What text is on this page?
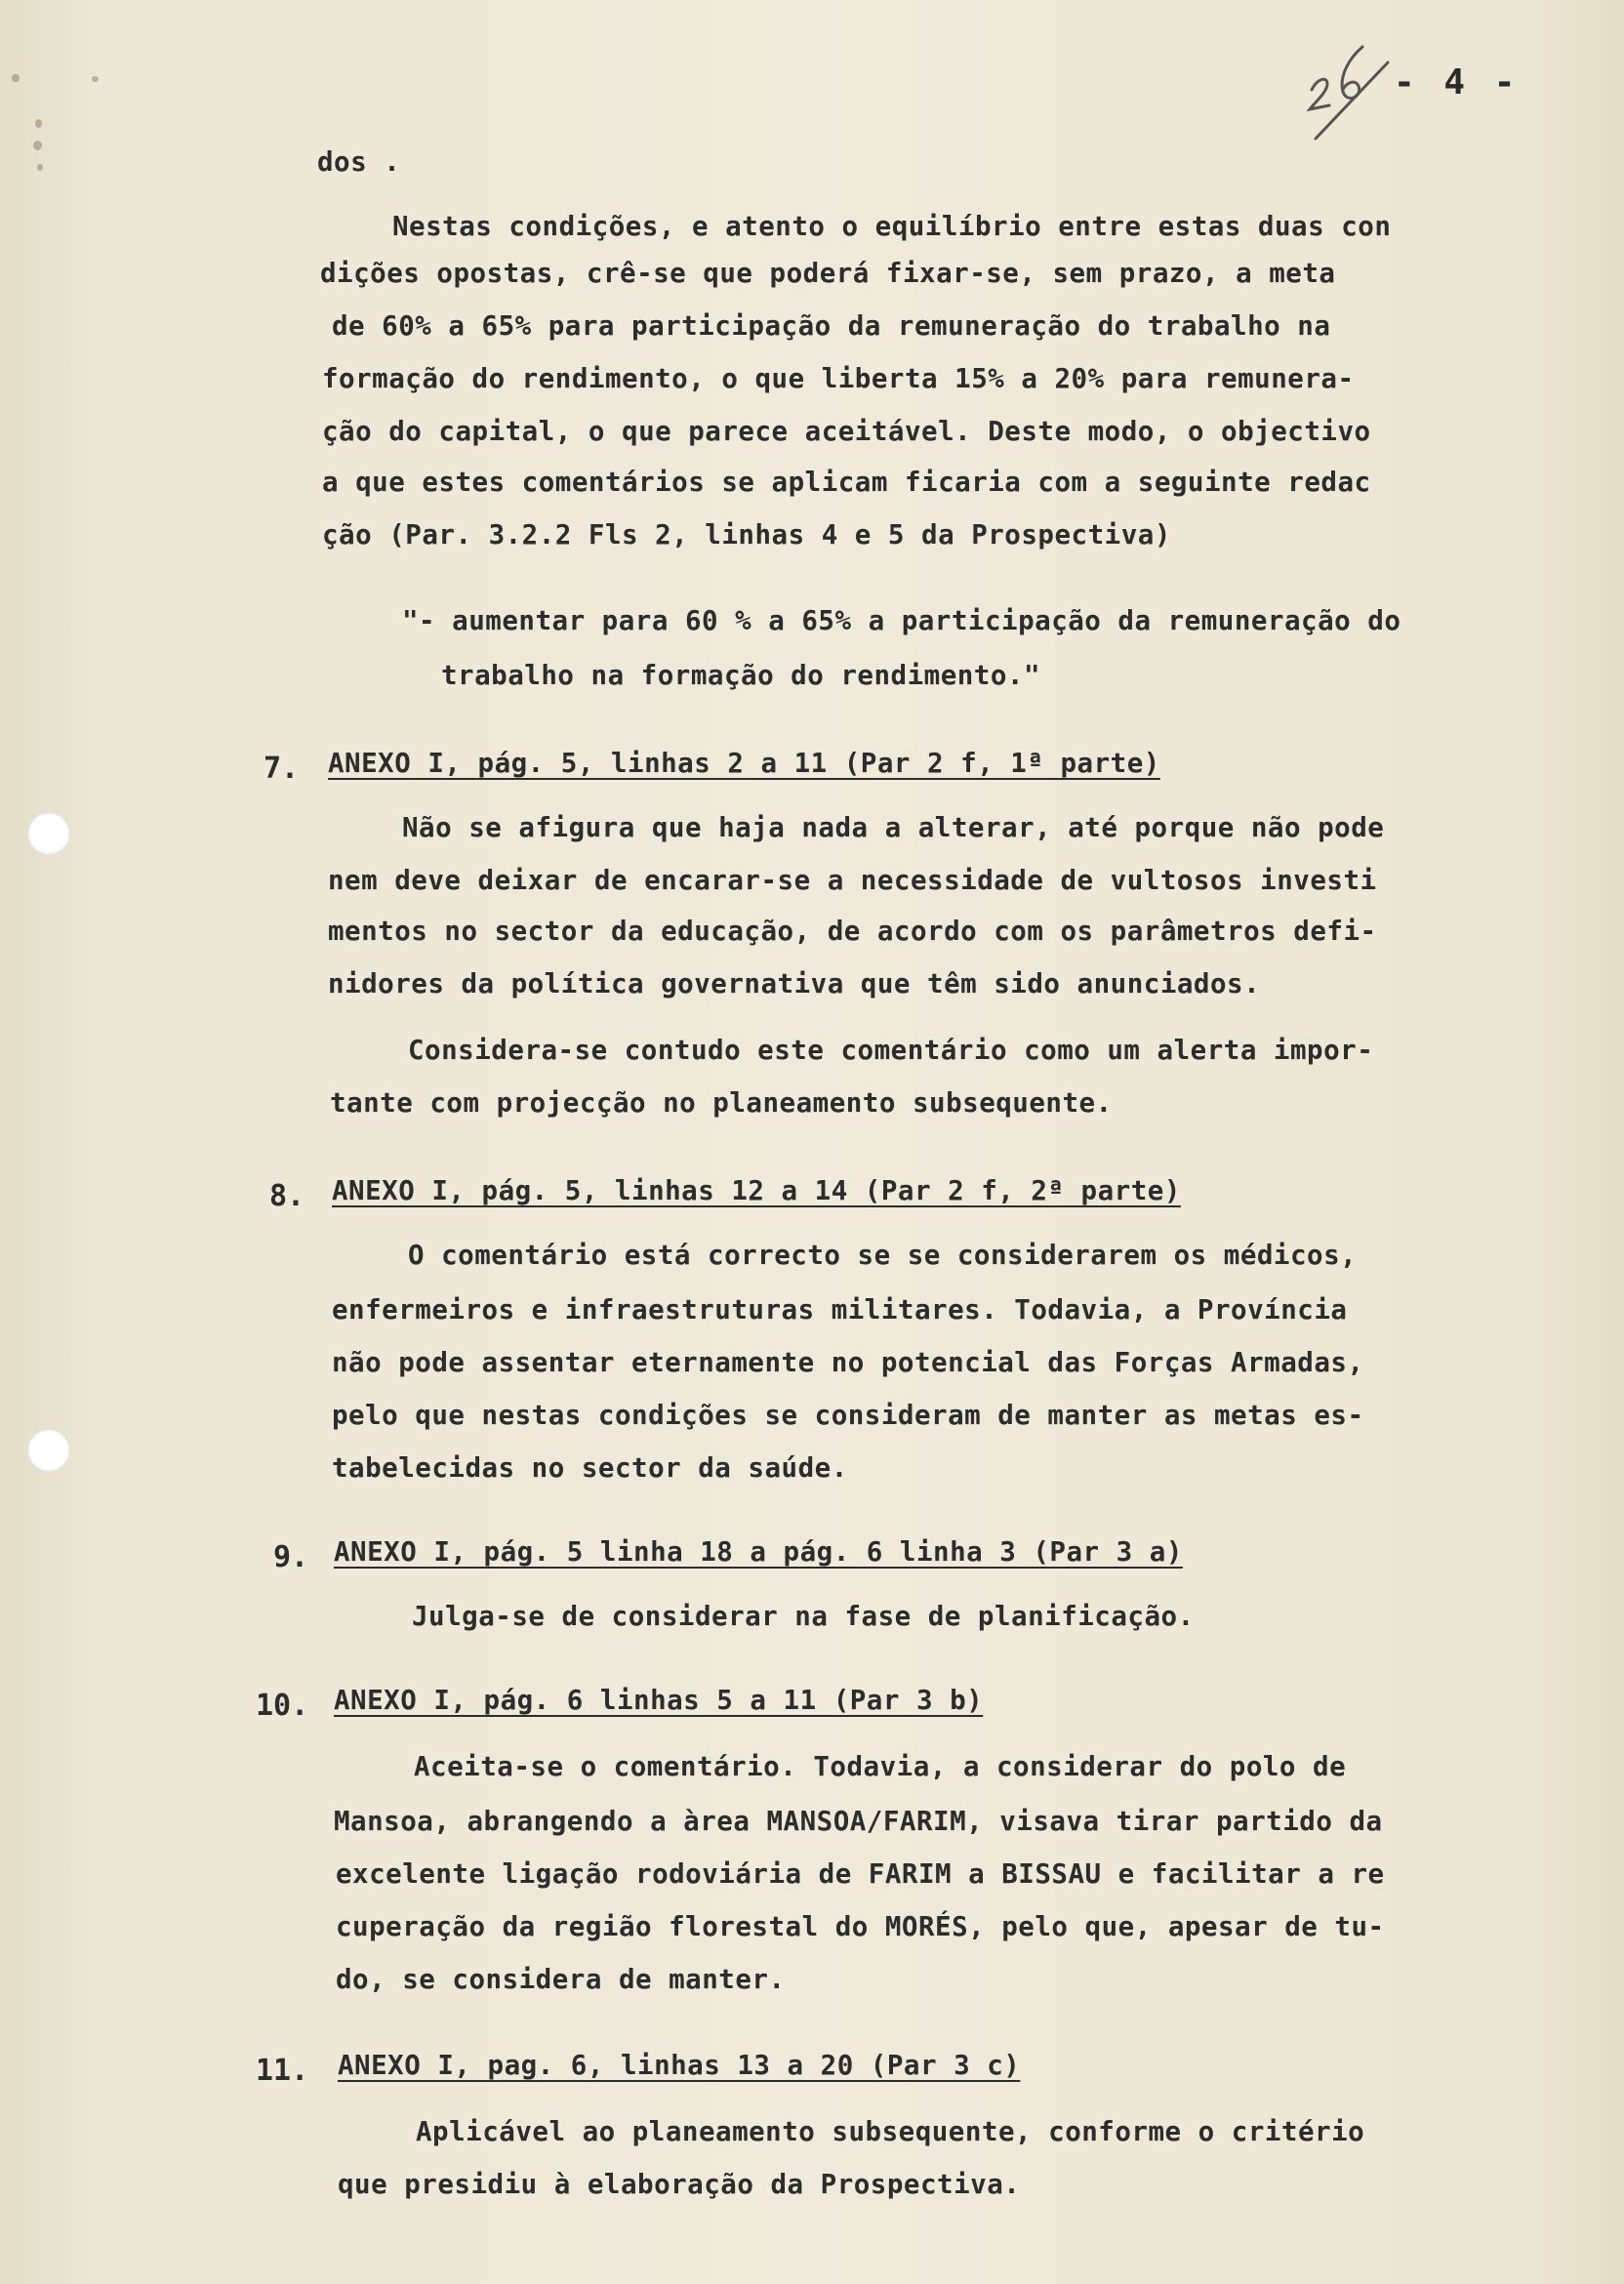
- 4 -
dos .
Nestas condições, e atento o equilíbrio entre estas duas con
dições opostas, crê-se que poderá fixar-se, sem prazo, a meta
de 60% a 65% para participação da remuneração do trabalho na
formação do rendimento, o que liberta 15% a 20% para remunera-
ção do capital, o que parece aceitável. Deste modo, o objectivo
a que estes comentários se aplicam ficaria com a seguinte redac
ção (Par. 3.2.2 Fls 2, linhas 4 e 5 da Prospectiva)
"- aumentar para 60 % a 65% a participação da remuneração do
trabalho na formação do rendimento."
7. ANEXO I, pág. 5, linhas 2 a 11 (Par 2 f, 1ª parte)
Não se afigura que haja nada a alterar, até porque não pode
nem deve deixar de encarar-se a necessidade de vultosos investi
mentos no sector da educação, de acordo com os parâmetros defi-
nidores da política governativa que têm sido anunciados.
Considera-se contudo este comentário como um alerta impor-
tante com projecção no planeamento subsequente.
8. ANEXO I, pág. 5, linhas 12 a 14 (Par 2 f, 2ª parte)
O comentário está correcto se se considerarem os médicos,
enfermeiros e infraestruturas militares. Todavia, a Província
não pode assentar eternamente no potencial das Forças Armadas,
pelo que nestas condições se consideram de manter as metas es-
tabelecidas no sector da saúde.
9. ANEXO I, pág. 5 linha 18 a pág. 6 linha 3 (Par 3 a)
Julga-se de considerar na fase de planificação.
10. ANEXO I, pág. 6 linhas 5 a 11 (Par 3 b)
Aceita-se o comentário. Todavia, a considerar do polo de
Mansoa, abrangendo a àrea MANSOA/FARIM, visava tirar partido da
excelente ligação rodoviária de FARIM a BISSAU e facilitar a re
cuperação da região florestal do MORÉS, pelo que, apesar de tu-
do, se considera de manter.
11. ANEXO I, pag. 6, linhas 13 a 20 (Par 3 c)
Aplicável ao planeamento subsequente, conforme o critério
que presidiu à elaboração da Prospectiva.
